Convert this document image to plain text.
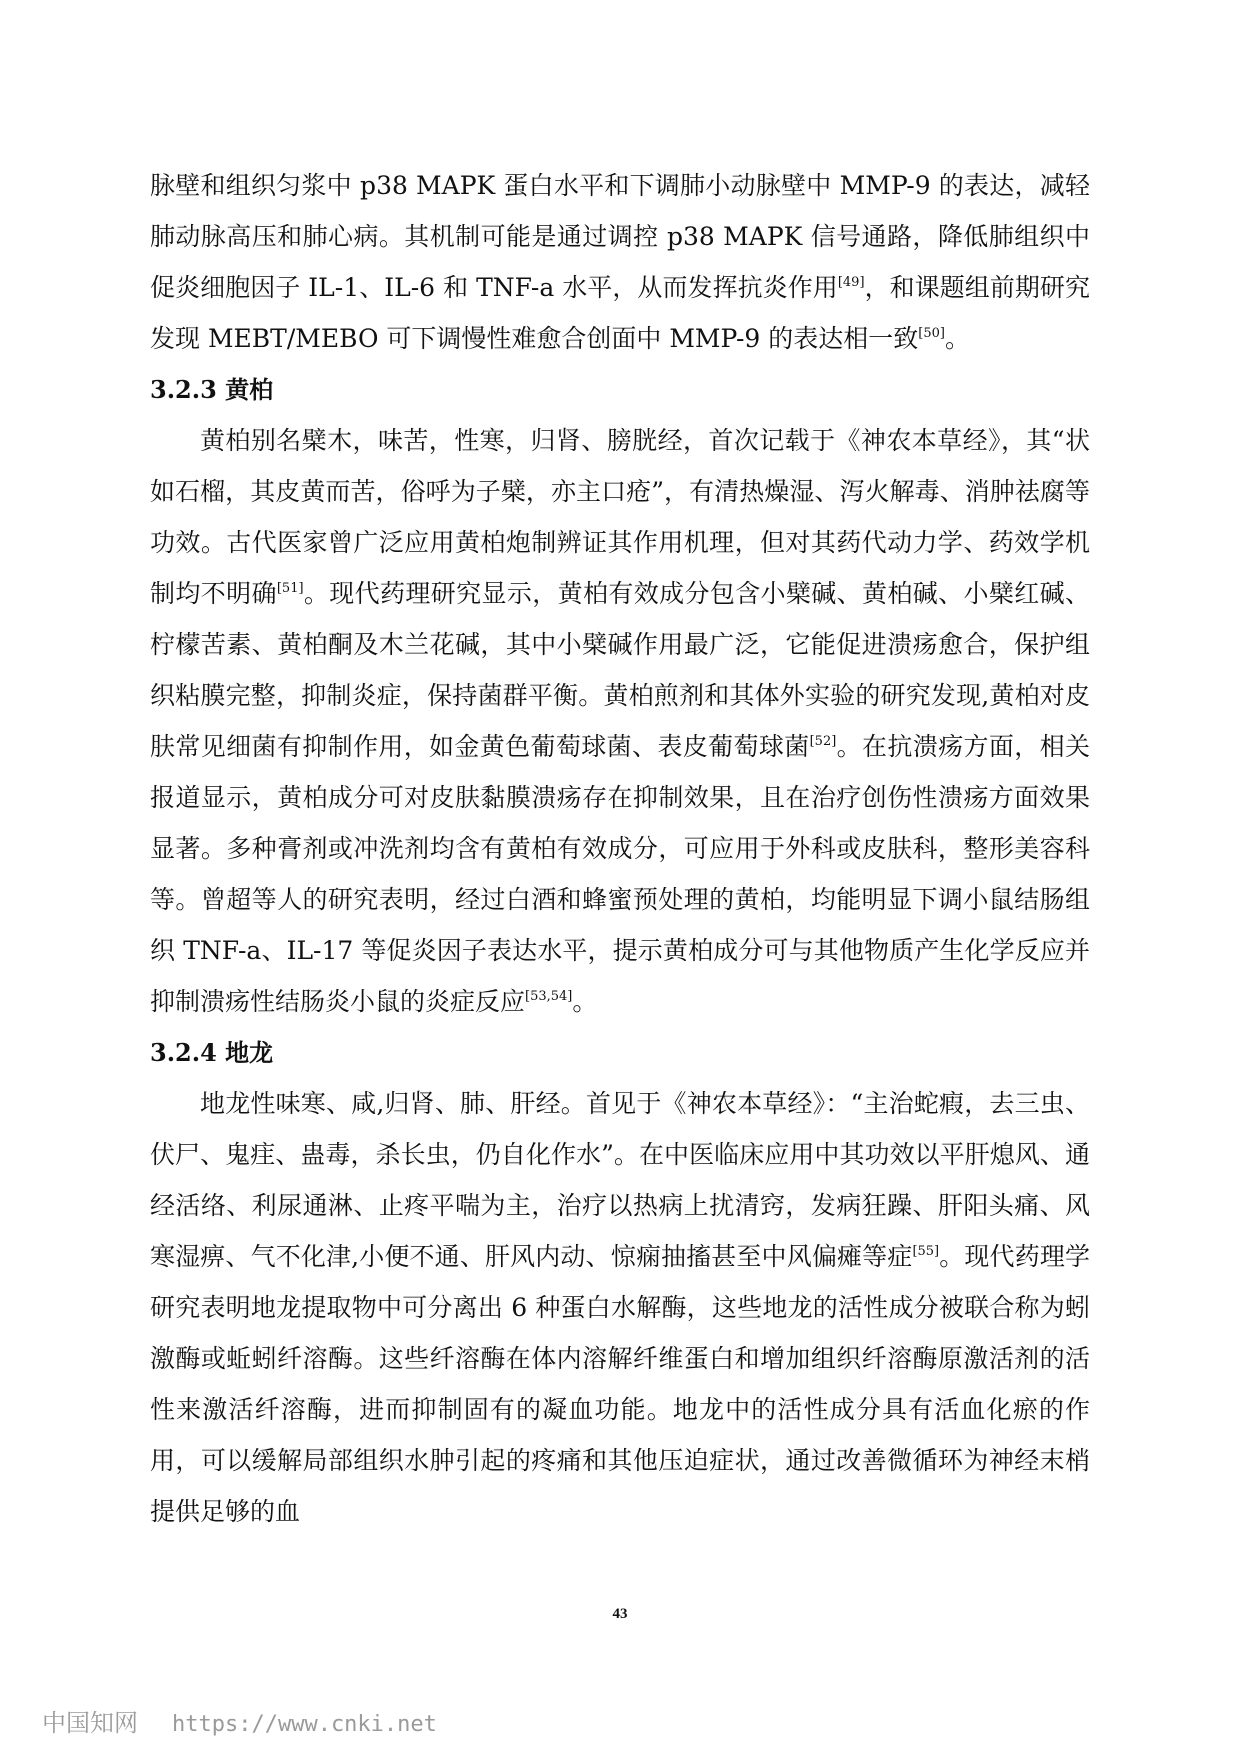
脉壁和组织匀浆中 p38 MAPK 蛋白水平和下调肺小动脉壁中 MMP-9 的表达，减轻肺动脉高压和肺心病。其机制可能是通过调控 p38 MAPK 信号通路，降低肺组织中促炎细胞因子 IL-1、IL-6 和 TNF-a 水平，从而发挥抗炎作用[49]，和课题组前期研究发现 MEBT/MEBO 可下调慢性难愈合创面中 MMP-9 的表达相一致[50]。

3.2.3 黄柏

黄柏别名檗木，味苦，性寒，归肾、膀胱经，首次记载于《神农本草经》，其“状如石榴，其皮黄而苦，俗呼为子檗，亦主口疮”，有清热燥湿、泻火解毒、消肿祛腐等功效。古代医家曾广泛应用黄柏炮制辨证其作用机理，但对其药代动力学、药效学机制均不明确[51]。现代药理研究显示，黄柏有效成分包含小檗碱、黄柏碱、小檗红碱、柠檬苦素、黄柏酮及木兰花碱，其中小檗碱作用最广泛，它能促进溃疡愈合，保护组织粘膜完整，抑制炎症，保持菌群平衡。黄柏煎剂和其体外实验的研究发现,黄柏对皮肤常见细菌有抑制作用，如金黄色葡萄球菌、表皮葡萄球菌[52]。在抗溃疡方面，相关报道显示，黄柏成分可对皮肤黏膜溃疡存在抑制效果，且在治疗创伤性溃疡方面效果显著。多种膏剂或冲洗剂均含有黄柏有效成分，可应用于外科或皮肤科，整形美容科等。曾超等人的研究表明，经过白酒和蜂蜜预处理的黄柏，均能明显下调小鼠结肠组织 TNF-a、IL-17 等促炎因子表达水平，提示黄柏成分可与其他物质产生化学反应并抑制溃疡性结肠炎小鼠的炎症反应[53,54]。

3.2.4 地龙

地龙性味寒、咸,归肾、肺、肝经。首见于《神农本草经》：“主治蛇瘕，去三虫、伏尸、鬼疰、蛊毒，杀长虫，仍自化作水”。在中医临床应用中其功效以平肝熄风、通经活络、利尿通淋、止疼平喘为主，治疗以热病上扰清窍，发病狂躁、肝阳头痛、风寒湿痹、气不化津,小便不通、肝风内动、惊痫抽搐甚至中风偏瘫等症[55]。现代药理学研究表明地龙提取物中可分离出 6 种蛋白水解酶，这些地龙的活性成分被联合称为蚓激酶或蚯蚓纤溶酶。这些纤溶酶在体内溶解纤维蛋白和增加组织纤溶酶原激活剂的活性来激活纤溶酶，进而抑制固有的凝血功能。地龙中的活性成分具有活血化瘀的作用，可以缓解局部组织水肿引起的疼痛和其他压迫症状，通过改善微循环为神经末梢提供足够的血

43
中国知网 https://www.cnki.net
